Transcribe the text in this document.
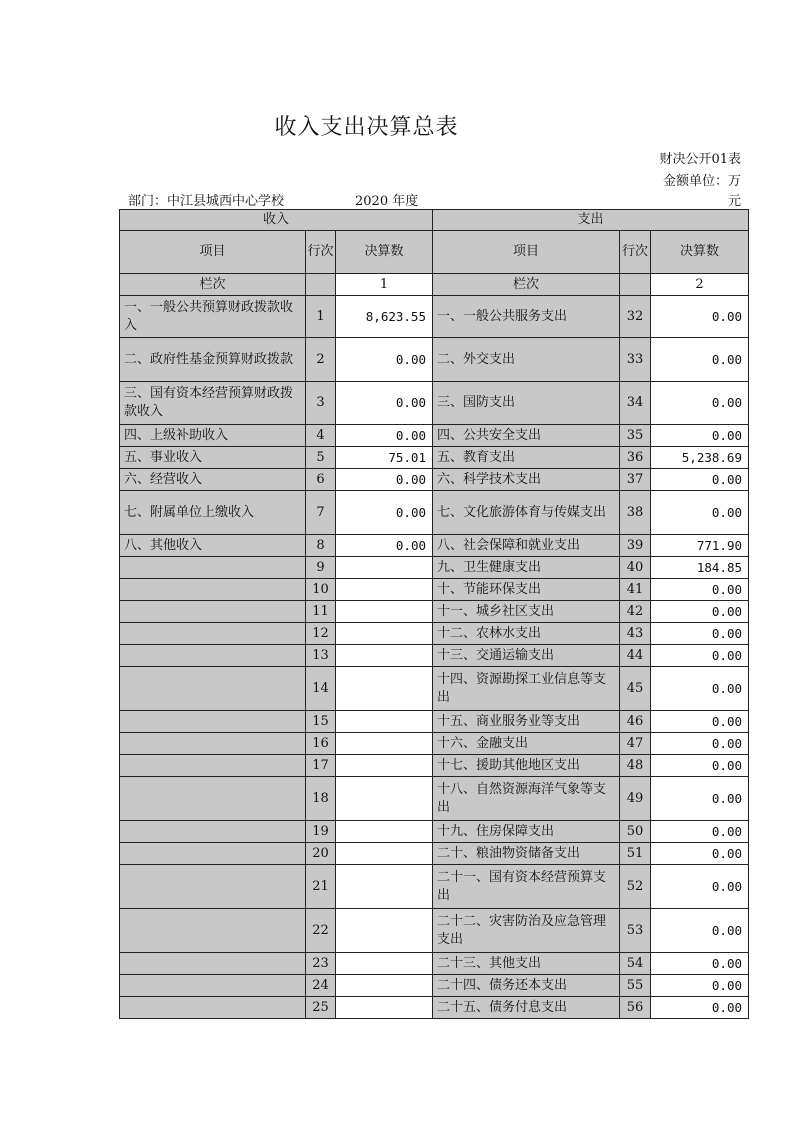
收入支出决算总表
财决公开01表
金额单位：万
部门：中江县城西中心学校	2020 年度	元
收入			支出		
项目	行次	决算数	项目	行次	决算数
栏次		1	栏次		2
一、一般公共预算财政拨款收入	1	8,623.55	一、一般公共服务支出	32	0.00
二、政府性基金预算财政拨款	2	0.00	二、外交支出	33	0.00
三、国有资本经营预算财政拨款收入	3	0.00	三、国防支出	34	0.00
四、上级补助收入	4	0.00	四、公共安全支出	35	0.00
五、事业收入	5	75.01	五、教育支出	36	5,238.69
六、经营收入	6	0.00	六、科学技术支出	37	0.00
七、附属单位上缴收入	7	0.00	七、文化旅游体育与传媒支出	38	0.00
八、其他收入	8	0.00	八、社会保障和就业支出	39	771.90
	9		九、卫生健康支出	40	184.85
	10		十、节能环保支出	41	0.00
	11		十一、城乡社区支出	42	0.00
	12		十二、农林水支出	43	0.00
	13		十三、交通运输支出	44	0.00
	14		十四、资源勘探工业信息等支出	45	0.00
	15		十五、商业服务业等支出	46	0.00
	16		十六、金融支出	47	0.00
	17		十七、援助其他地区支出	48	0.00
	18		十八、自然资源海洋气象等支出	49	0.00
	19		十九、住房保障支出	50	0.00
	20		二十、粮油物资储备支出	51	0.00
	21		二十一、国有资本经营预算支出	52	0.00
	22		二十二、灾害防治及应急管理支出	53	0.00
	23		二十三、其他支出	54	0.00
	24		二十四、债务还本支出	55	0.00
	25		二十五、债务付息支出	56	0.00
